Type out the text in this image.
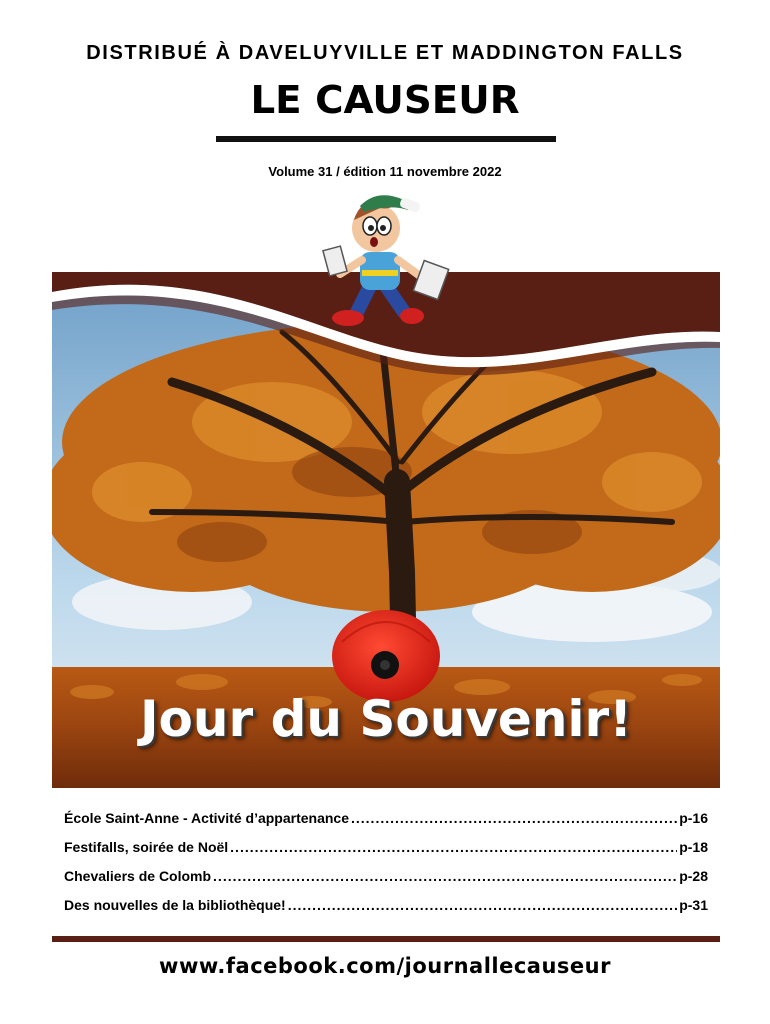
DISTRIBUÉ À DAVELUYVILLE ET MADDINGTON FALLS
LE CAUSEUR
Volume 31 / édition 11 novembre 2022
Jour du Souvenir!
École Saint-Anne - Activité d’appartenance .....	p-16
Festifalls, soirée de Noël .....	p-18
Chevaliers de Colomb .....	p-28
Des nouvelles de la bibliothèque! .....	p-31
www.facebook.com/journallecauseur
